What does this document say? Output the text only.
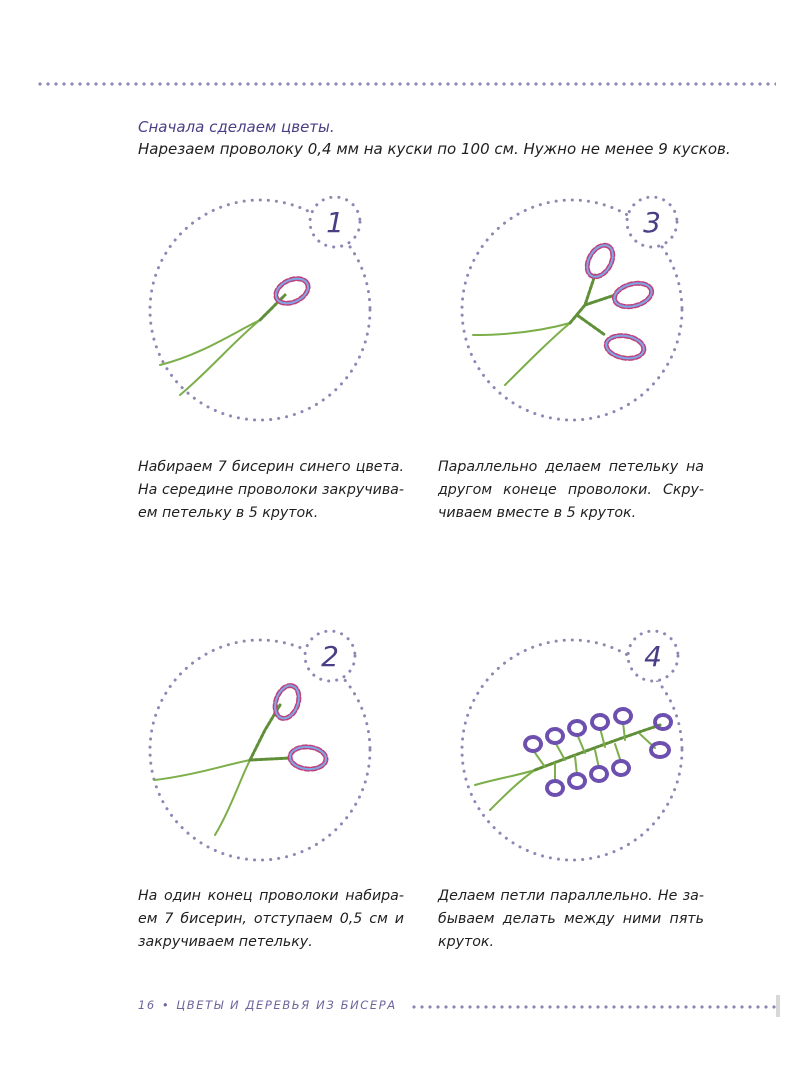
Сначала сделаем цветы.
Нарезаем проволоку 0,4 мм на куски по 100 см. Нужно не менее 9 кусков.
1
Набираем 7 бисерин синего цвета. На середине проволоки закручива-ем петельку в 5 круток.
3
Параллельно делаем петельку на другом конеце проволоки. Скру-чиваем вместе в 5 круток.
2
На один конец проволоки набира-ем 7 бисерин, отступаем 0,5 см и закручиваем петельку.
4
Делаем петли параллельно. Не за-бываем делать между ними пять круток.
16 • ЦВЕТЫ И ДЕРЕВЬЯ ИЗ БИСЕРА
